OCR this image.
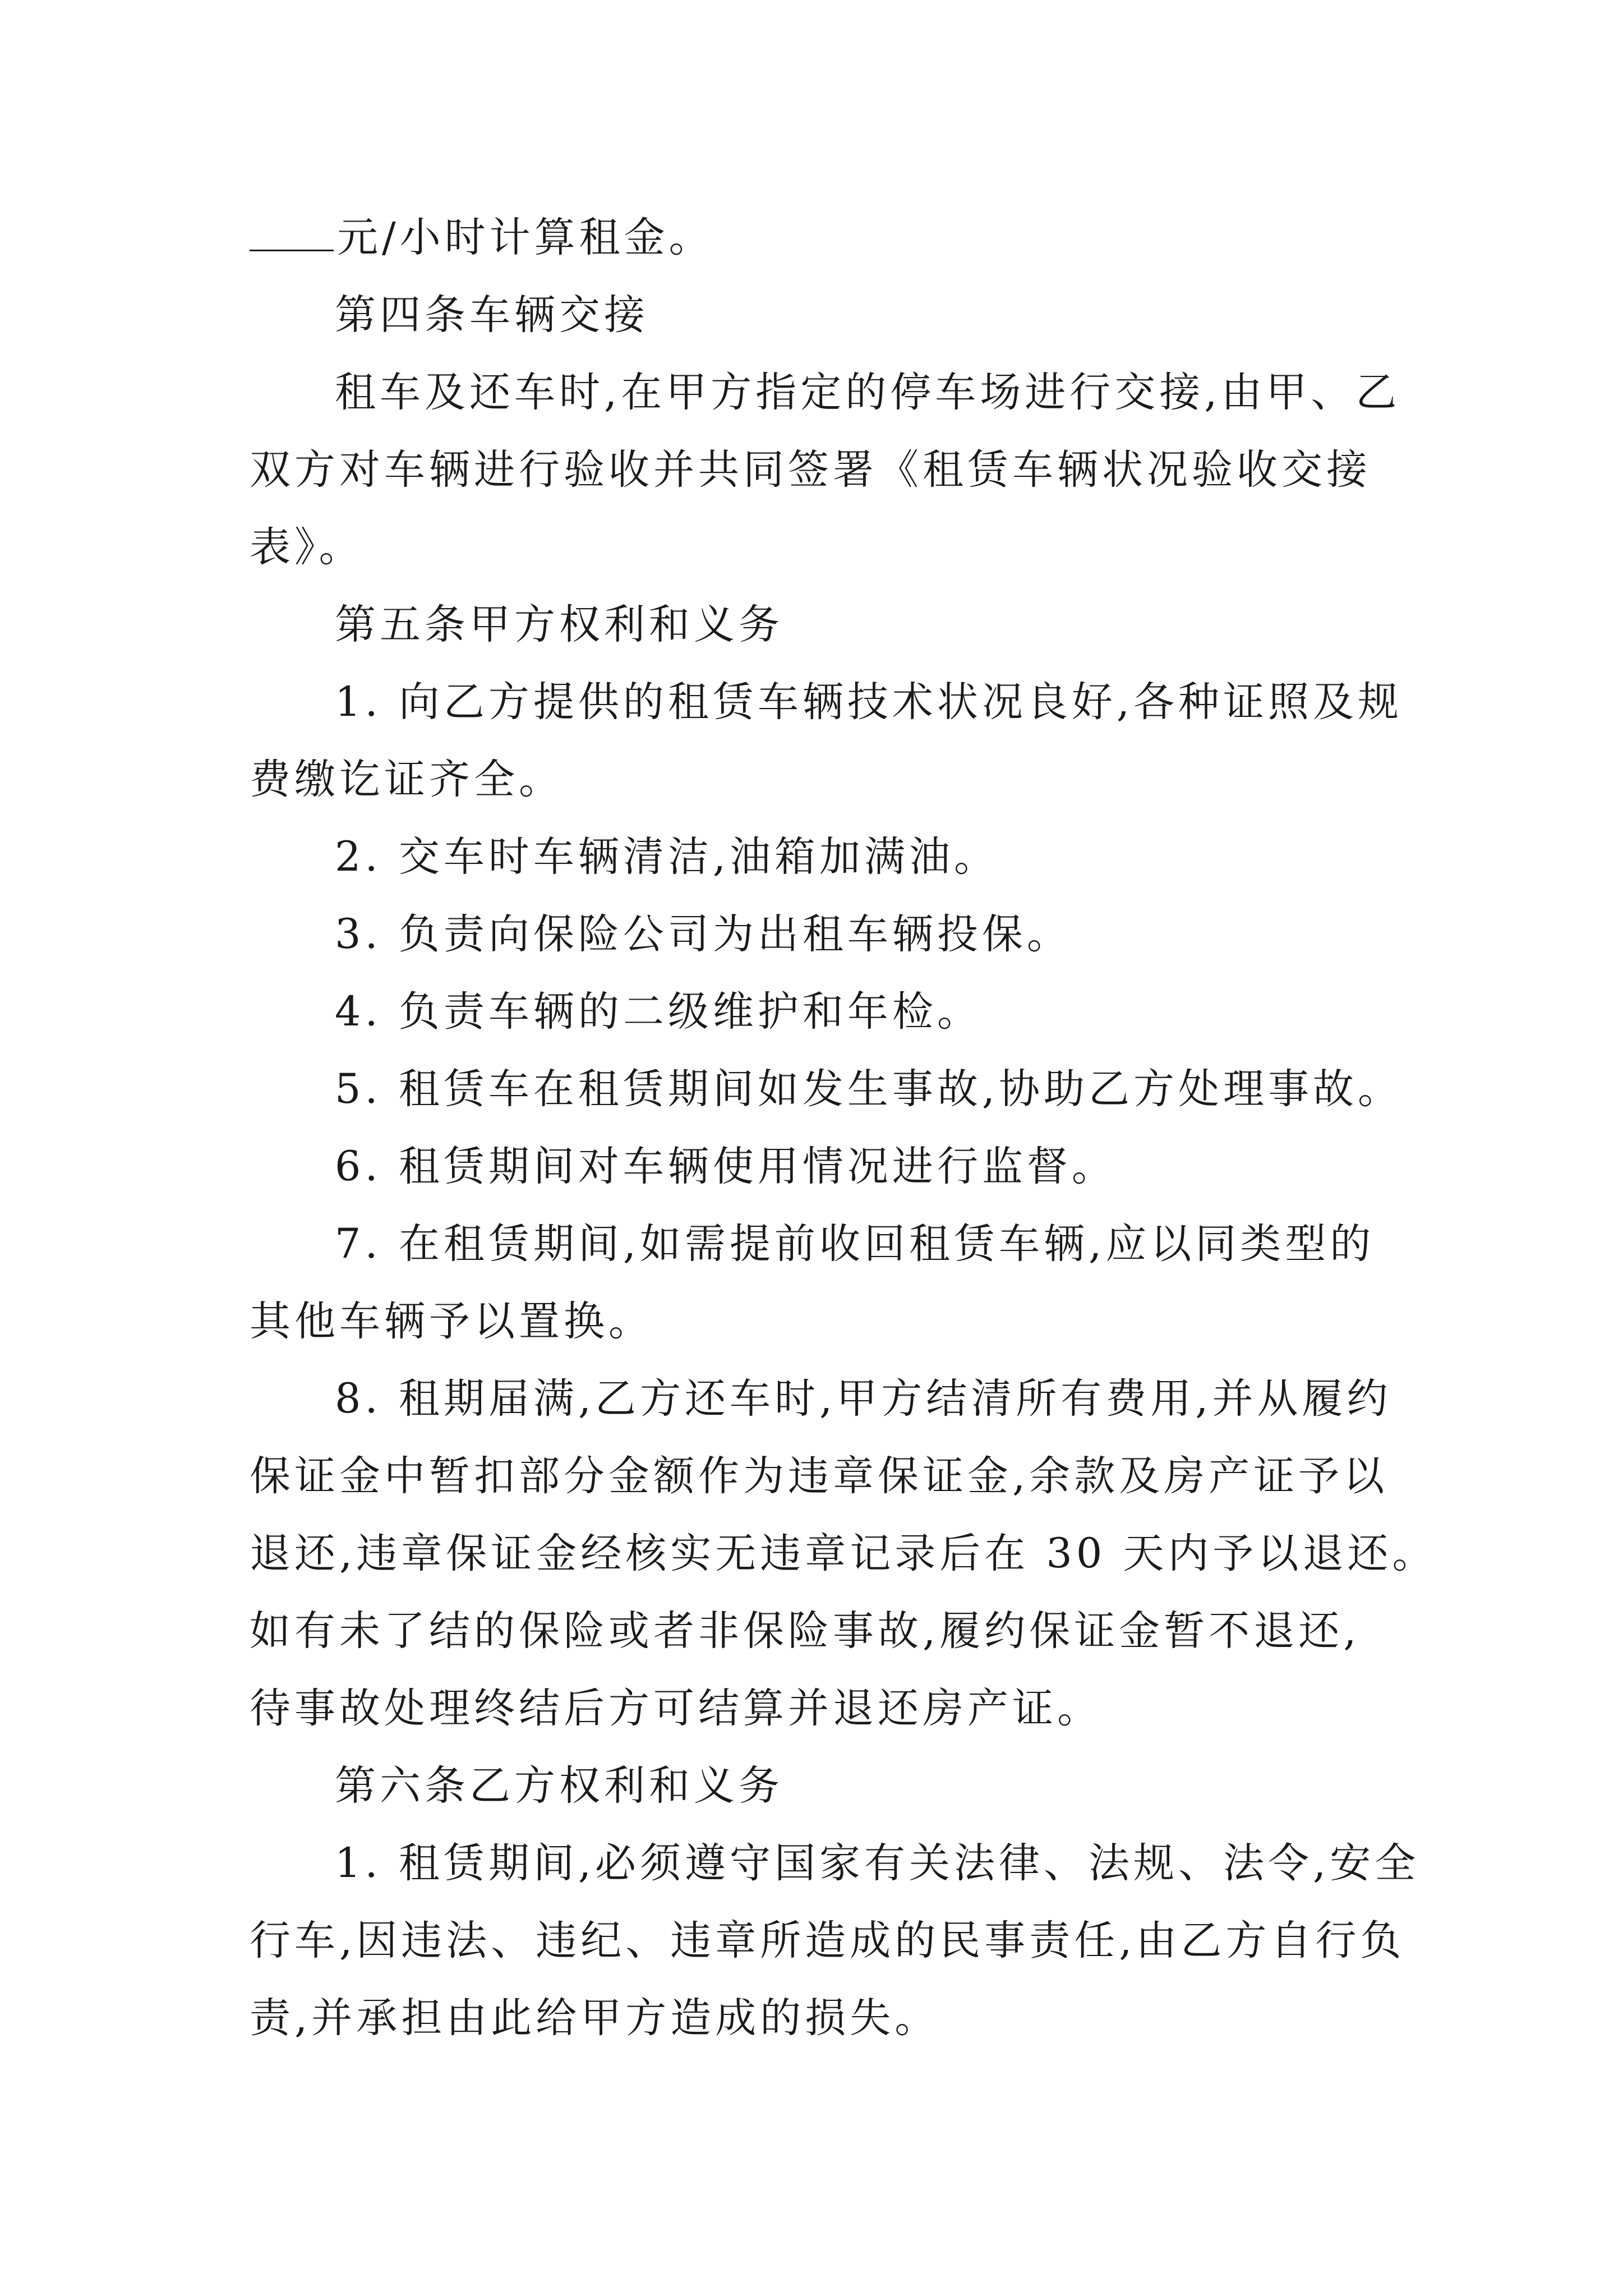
元/小时计算租金。
第四条车辆交接
租车及还车时,在甲方指定的停车场进行交接,由甲、乙
双方对车辆进行验收并共同签署《租赁车辆状况验收交接
表》。
第五条甲方权利和义务
1. 向乙方提供的租赁车辆技术状况良好,各种证照及规
费缴讫证齐全。
2. 交车时车辆清洁,油箱加满油。
3. 负责向保险公司为出租车辆投保。
4. 负责车辆的二级维护和年检。
5. 租赁车在租赁期间如发生事故,协助乙方处理事故。
6. 租赁期间对车辆使用情况进行监督。
7. 在租赁期间,如需提前收回租赁车辆,应以同类型的
其他车辆予以置换。
8. 租期届满,乙方还车时,甲方结清所有费用,并从履约
保证金中暂扣部分金额作为违章保证金,余款及房产证予以
退还,违章保证金经核实无违章记录后在 30 天内予以退还。
如有未了结的保险或者非保险事故,履约保证金暂不退还,
待事故处理终结后方可结算并退还房产证。
第六条乙方权利和义务
1. 租赁期间,必须遵守国家有关法律、法规、法令,安全
行车,因违法、违纪、违章所造成的民事责任,由乙方自行负
责,并承担由此给甲方造成的损失。
